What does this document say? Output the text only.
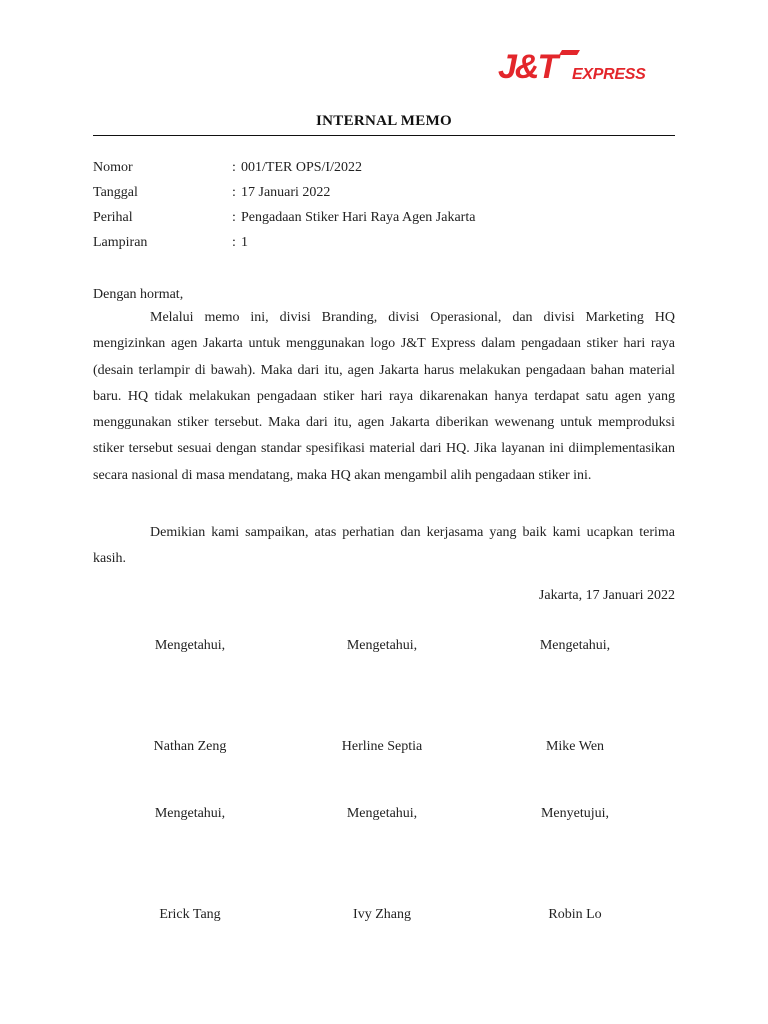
J&T EXPRESS
INTERNAL MEMO
Nomor	: 001/TER OPS/I/2022
Tanggal	: 17 Januari 2022
Perihal	: Pengadaan Stiker Hari Raya Agen Jakarta
Lampiran	: 1
Dengan hormat,
Melalui memo ini, divisi Branding, divisi Operasional, dan divisi Marketing HQ mengizinkan agen Jakarta untuk menggunakan logo J&T Express dalam pengadaan stiker hari raya (desain terlampir di bawah). Maka dari itu, agen Jakarta harus melakukan pengadaan bahan material baru. HQ tidak melakukan pengadaan stiker hari raya dikarenakan hanya terdapat satu agen yang menggunakan stiker tersebut. Maka dari itu, agen Jakarta diberikan wewenang untuk memproduksi stiker tersebut sesuai dengan standar spesifikasi material dari HQ. Jika layanan ini diimplementasikan secara nasional di masa mendatang, maka HQ akan mengambil alih pengadaan stiker ini.
Demikian kami sampaikan, atas perhatian dan kerjasama yang baik kami ucapkan terima kasih.
Jakarta, 17 Januari 2022
Mengetahui,	Mengetahui,	Mengetahui,
Nathan Zeng	Herline Septia	Mike Wen
Mengetahui,	Mengetahui,	Menyetujui,
Erick Tang	Ivy Zhang	Robin Lo
